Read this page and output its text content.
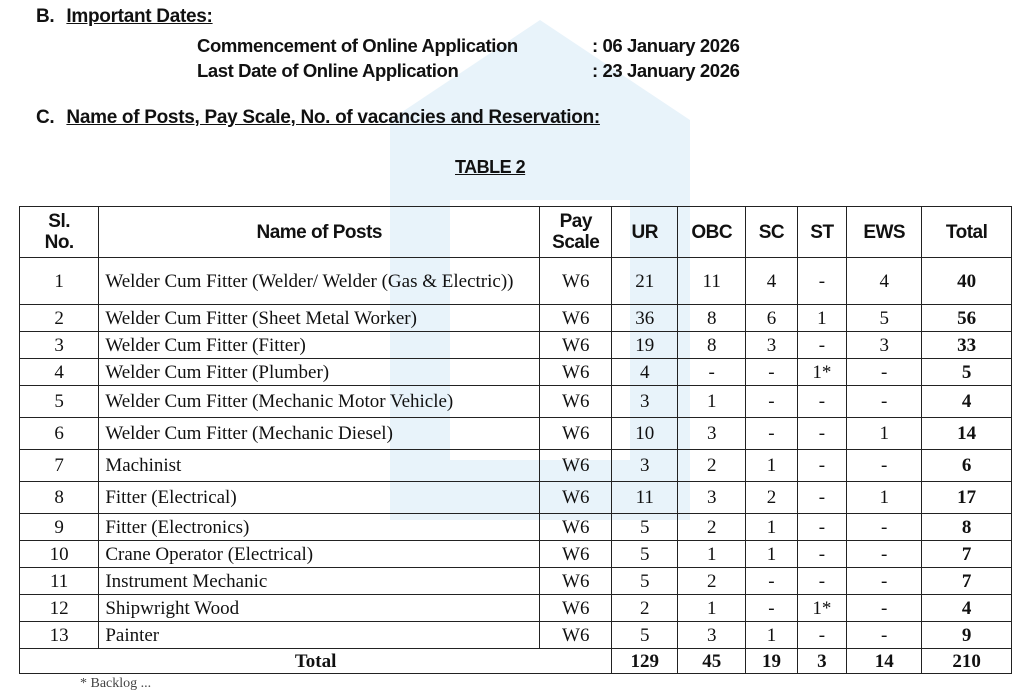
B. Important Dates:
Commencement of Online Application	: 06 January 2026
Last Date of Online Application	: 23 January 2026
C. Name of Posts, Pay Scale, No. of vacancies and Reservation:
TABLE 2
Sl. No.	Name of Posts	Pay Scale	UR	OBC	SC	ST	EWS	Total
1	Welder Cum Fitter (Welder/ Welder (Gas & Electric))	W6	21	11	4	-	4	40
2	Welder Cum Fitter (Sheet Metal Worker)	W6	36	8	6	1	5	56
3	Welder Cum Fitter (Fitter)	W6	19	8	3	-	3	33
4	Welder Cum Fitter (Plumber)	W6	4	-	-	1*	-	5
5	Welder Cum Fitter (Mechanic Motor Vehicle)	W6	3	1	-	-	-	4
6	Welder Cum Fitter (Mechanic Diesel)	W6	10	3	-	-	1	14
7	Machinist	W6	3	2	1	-	-	6
8	Fitter (Electrical)	W6	11	3	2	-	1	17
9	Fitter (Electronics)	W6	5	2	1	-	-	8
10	Crane Operator (Electrical)	W6	5	1	1	-	-	7
11	Instrument Mechanic	W6	5	2	-	-	-	7
12	Shipwright Wood	W6	2	1	-	1*	-	4
13	Painter	W6	5	3	1	-	-	9
Total			129	45	19	3	14	210
* Backlog ...
